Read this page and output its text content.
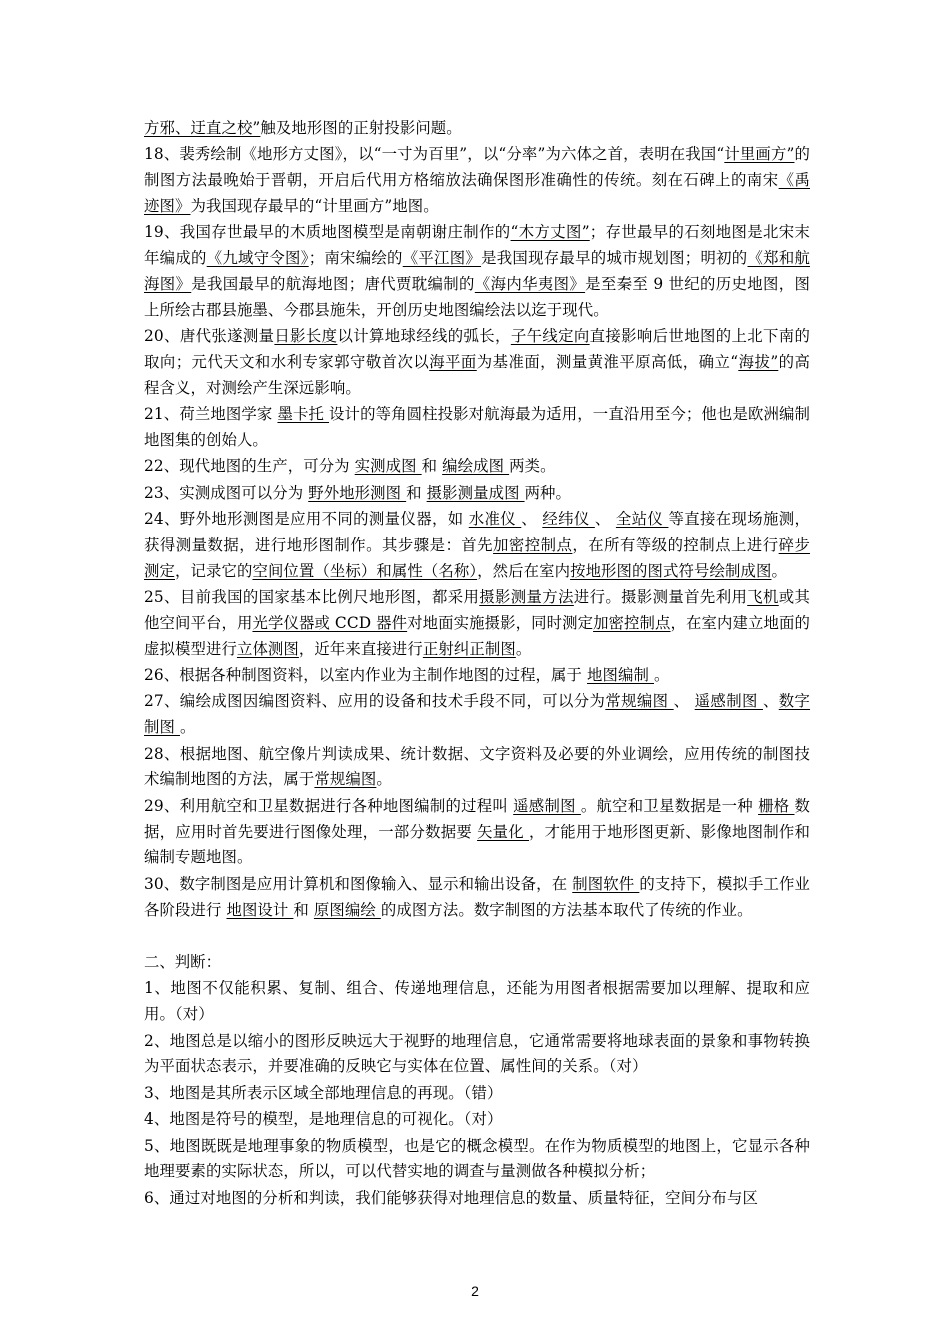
方邪、迂直之校”触及地形图的正射投影问题。

18、裴秀绘制《地形方丈图》，以“一寸为百里”，以“分率”为六体之首，表明在我国“计里画方”的制图方法最晚始于晋朝，开启后代用方格缩放法确保图形准确性的传统。刻在石碑上的南宋《禹迹图》为我国现存最早的“计里画方”地图。

19、我国存世最早的木质地图模型是南朝谢庄制作的“木方丈图”；存世最早的石刻地图是北宋末年编成的《九域守令图》；南宋编绘的《平江图》是我国现存最早的城市规划图；明初的《郑和航海图》是我国最早的航海地图；唐代贾耽编制的《海内华夷图》是至秦至 9 世纪的历史地图，图上所绘古郡县施墨、今郡县施朱，开创历史地图编绘法以迄于现代。

20、唐代张遂测量日影长度以计算地球经线的弧长，子午线定向直接影响后世地图的上北下南的取向；元代天文和水利专家郭守敬首次以海平面为基准面，测量黄淮平原高低，确立“海拔”的高程含义，对测绘产生深远影响。

21、荷兰地图学家 墨卡托 设计的等角圆柱投影对航海最为适用，一直沿用至今；他也是欧洲编制地图集的创始人。

22、现代地图的生产，可分为 实测成图 和 编绘成图 两类。

23、实测成图可以分为 野外地形测图 和 摄影测量成图 两种。

24、野外地形测图是应用不同的测量仪器，如 水准仪 、 经纬仪 、 全站仪 等直接在现场施测，获得测量数据，进行地形图制作。其步骤是：首先加密控制点，在所有等级的控制点上进行碎步测定，记录它的空间位置（坐标）和属性（名称），然后在室内按地形图的图式符号绘制成图。

25、目前我国的国家基本比例尺地形图，都采用摄影测量方法进行。摄影测量首先利用飞机或其他空间平台，用光学仪器或 CCD 器件对地面实施摄影，同时测定加密控制点，在室内建立地面的虚拟模型进行立体测图，近年来直接进行正射纠正制图。

26、根据各种制图资料，以室内作业为主制作地图的过程，属于 地图编制 。

27、编绘成图因编图资料、应用的设备和技术手段不同，可以分为常规编图 、 遥感制图 、数字制图 。

28、根据地图、航空像片判读成果、统计数据、文字资料及必要的外业调绘，应用传统的制图技术编制地图的方法，属于常规编图。

29、利用航空和卫星数据进行各种地图编制的过程叫 遥感制图 。航空和卫星数据是一种 栅格 数据，应用时首先要进行图像处理，一部分数据要 矢量化 ，才能用于地形图更新、影像地图制作和编制专题地图。

30、数字制图是应用计算机和图像输入、显示和输出设备，在 制图软件 的支持下，模拟手工作业各阶段进行 地图设计 和 原图编绘 的成图方法。数字制图的方法基本取代了传统的作业。

二、判断：

1、地图不仅能积累、复制、组合、传递地理信息，还能为用图者根据需要加以理解、提取和应用。（对）

2、地图总是以缩小的图形反映远大于视野的地理信息，它通常需要将地球表面的景象和事物转换为平面状态表示，并要准确的反映它与实体在位置、属性间的关系。（对）

3、地图是其所表示区域全部地理信息的再现。（错）

4、地图是符号的模型，是地理信息的可视化。（对）

5、地图既既是地理事象的物质模型，也是它的概念模型。在作为物质模型的地图上，它显示各种地理要素的实际状态，所以，可以代替实地的调查与量测做各种模拟分析；

6、通过对地图的分析和判读，我们能够获得对地理信息的数量、质量特征，空间分布与区

2
